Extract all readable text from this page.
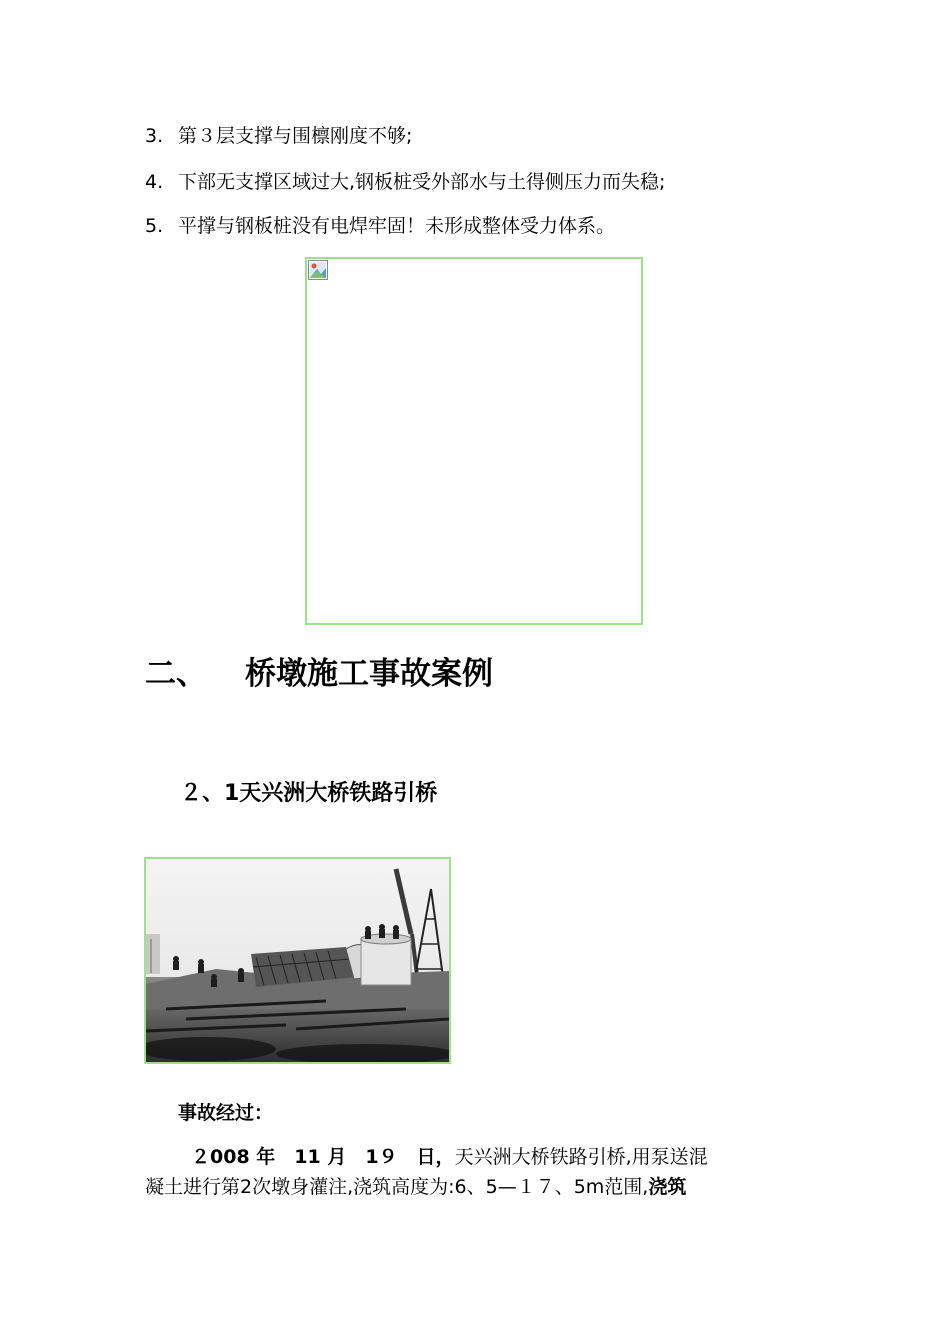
3. 第３层支撑与围檩刚度不够;
4. 下部无支撑区域过大,钢板桩受外部水与土得侧压力而失稳;
5. 平撑与钢板桩没有电焊牢固！未形成整体受力体系。
二、 桥墩施工事故案例
２、1天兴洲大桥铁路引桥
事故经过：
２008 年　11 月　1９　日，天兴洲大桥铁路引桥,用泵送混
凝土进行第2次墩身灌注,浇筑高度为:6、5—１７、5m范围,浇筑
